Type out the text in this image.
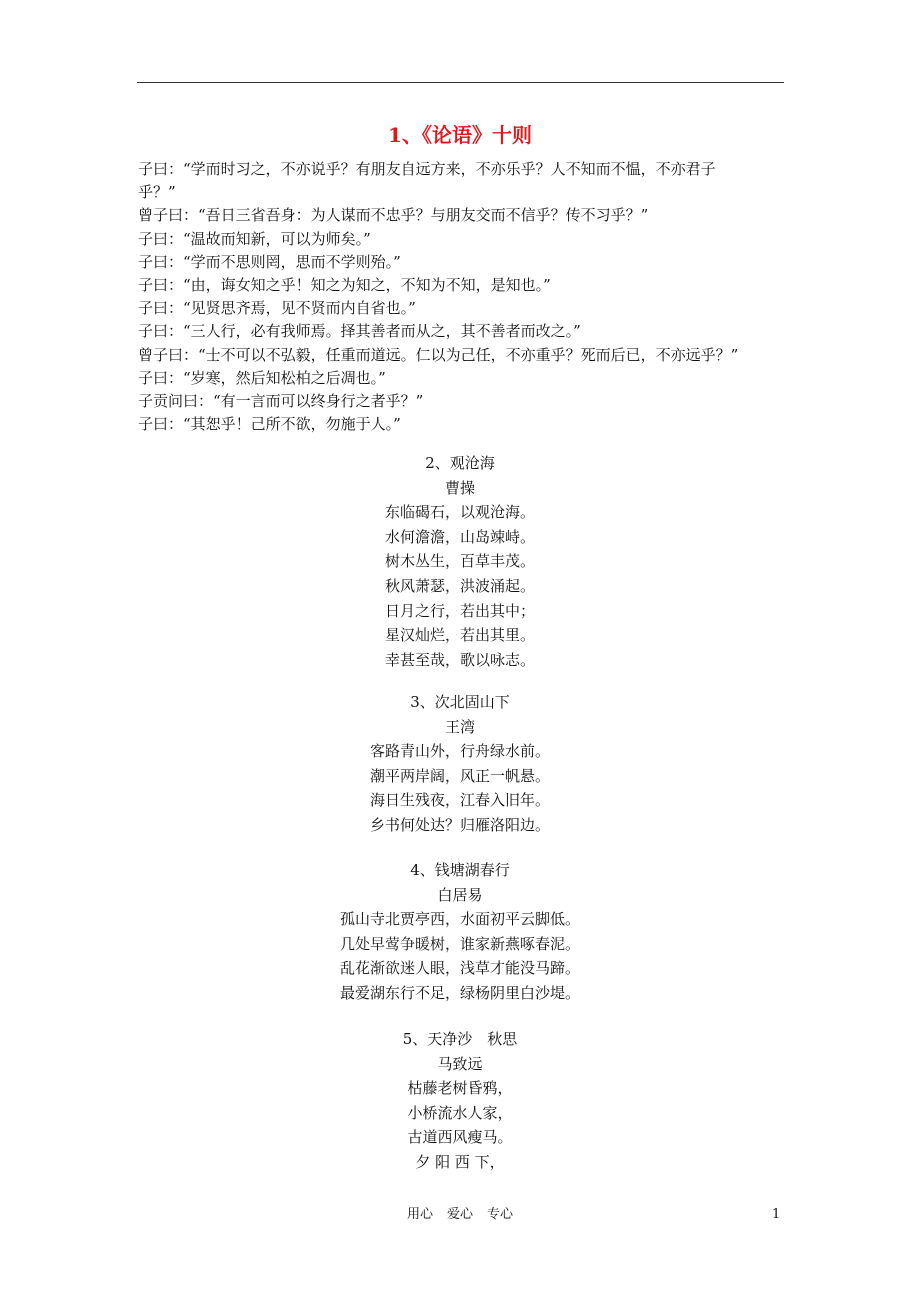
1、《论语》十则
子曰：“学而时习之，不亦说乎？有朋友自远方来，不亦乐乎？人不知而不愠，不亦君子
乎？”
曾子曰：“吾日三省吾身：为人谋而不忠乎？与朋友交而不信乎？传不习乎？”
子曰：“温故而知新，可以为师矣。”
子曰：“学而不思则罔，思而不学则殆。”
子曰：“由，诲女知之乎！知之为知之，不知为不知，是知也。”
子曰：“见贤思齐焉，见不贤而内自省也。”
子曰：“三人行，必有我师焉。择其善者而从之，其不善者而改之。”
曾子曰：“士不可以不弘毅，任重而道远。仁以为己任，不亦重乎？死而后已，不亦远乎？”
子曰：“岁寒，然后知松柏之后凋也。”
子贡问曰：“有一言而可以终身行之者乎？”
子曰：“其恕乎！己所不欲，勿施于人。”
2、观沧海
曹操
东临碣石，以观沧海。
水何澹澹，山岛竦峙。
树木丛生，百草丰茂。
秋风萧瑟，洪波涌起。
日月之行，若出其中；
星汉灿烂，若出其里。
幸甚至哉，歌以咏志。
3、次北固山下
王湾
客路青山外，行舟绿水前。
潮平两岸阔，风正一帆悬。
海日生残夜，江春入旧年。
乡书何处达？归雁洛阳边。
4、钱塘湖春行
白居易
孤山寺北贾亭西，水面初平云脚低。
几处早莺争暖树，谁家新燕啄春泥。
乱花渐欲迷人眼，浅草才能没马蹄。
最爱湖东行不足，绿杨阴里白沙堤。
5、天净沙　秋思
马致远
枯藤老树昏鸦，
小桥流水人家，
古道西风瘦马。
夕 阳 西 下，
用心 爱心 专心	1
